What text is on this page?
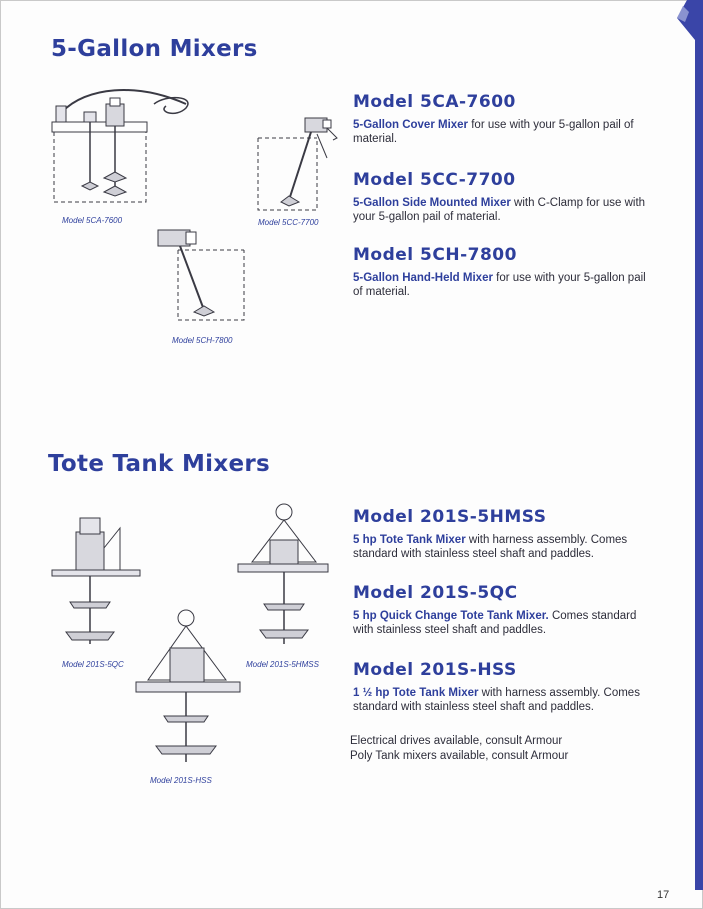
5-Gallon Mixers
Tote Tank Mixers
Model 5CA-7600

5-Gallon Cover Mixer for use with your 5-gallon pail of material.

Model 5CC-7700

5-Gallon Side Mounted Mixer with C-Clamp for use with your 5-gallon pail of material.

Model 5CH-7800

5-Gallon Hand-Held Mixer for use with your 5-gallon pail of material.

Model 201S-5HMSS

5 hp Tote Tank Mixer with harness assembly. Comes standard with stainless steel shaft and paddles.

Model 201S-5QC

5 hp Quick Change Tote Tank Mixer. Comes standard with stainless steel shaft and paddles.

Model 201S-HSS

1 ½ hp Tote Tank Mixer with harness assembly. Comes standard with stainless steel shaft and paddles.

Electrical drives available, consult Armour
Poly Tank mixers available, consult Armour
Model 5CA-7600	Model 5CC-7700
Model 5CH-7800
Model 201S-5QC	Model 201S-5HMSS
Model 201S-HSS
17
